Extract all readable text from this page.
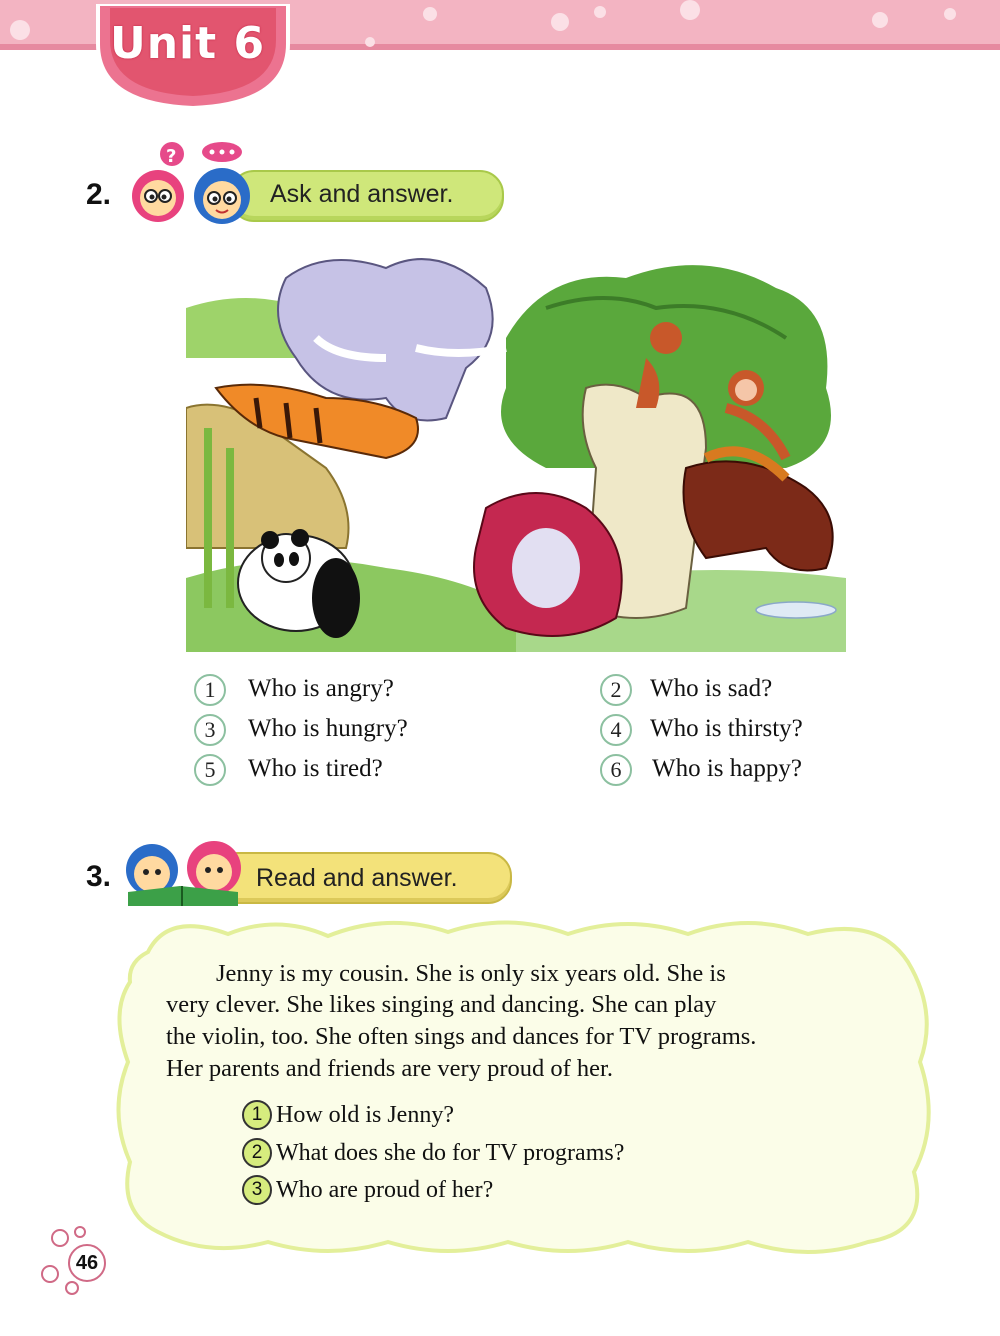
Unit 6
2.
?
Ask and answer.
1	Who is angry?	2	Who is sad?
3	Who is hungry?	4	Who is thirsty?
5	Who is tired?	6	Who is happy?
3.	Read and answer.
Jenny is my cousin. She is only six years old. She is
very clever. She likes singing and dancing. She can play
the violin, too. She often sings and dances for TV programs.
Her parents and friends are very proud of her.
1 How old is Jenny?
2 What does she do for TV programs?
3 Who are proud of her?
46
